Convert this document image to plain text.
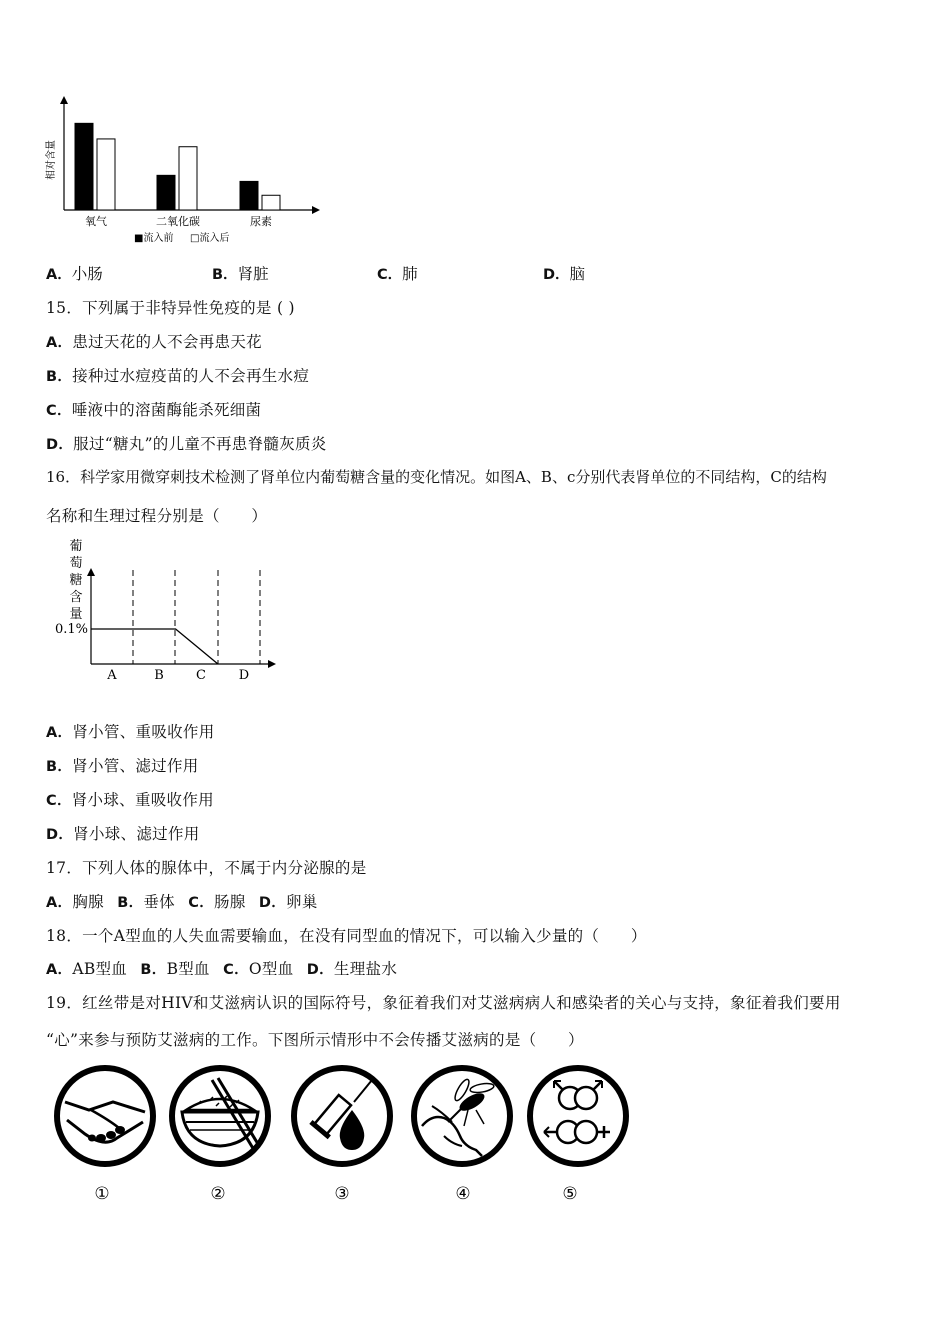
相对含量
氧气	二氧化碳	尿素
■流入前 □流入后
A．小肠	B．肾脏	C．肺	D．脑
15．下列属于非特异性免疫的是 ( )
A．患过天花的人不会再患天花
B．接种过水痘疫苗的人不会再生水痘
C．唾液中的溶菌酶能杀死细菌
D．服过“糖丸”的儿童不再患脊髓灰质炎
16．科学家用微穿刺技术检测了肾单位内葡萄糖含量的变化情况。如图A、B、c分别代表肾单位的不同结构，C的结构
名称和生理过程分别是（　　）
葡
萄
糖
含
量
0.1%
A	B C	D
A．肾小管、重吸收作用
B．肾小管、滤过作用
C．肾小球、重吸收作用
D．肾小球、滤过作用
17．下列人体的腺体中，不属于内分泌腺的是
A．胸腺  B．垂体  C．肠腺  D．卵巢
18．一个A型血的人失血需要输血，在没有同型血的情况下，可以输入少量的（　　）
A．AB型血  B．B型血  C．O型血  D．生理盐水
19．红丝带是对HIV和艾滋病认识的国际符号，象征着我们对艾滋病病人和感染者的关心与支持，象征着我们要用
“心”来参与预防艾滋病的工作。下图所示情形中不会传播艾滋病的是（　　）
①	②	③	④	⑤
